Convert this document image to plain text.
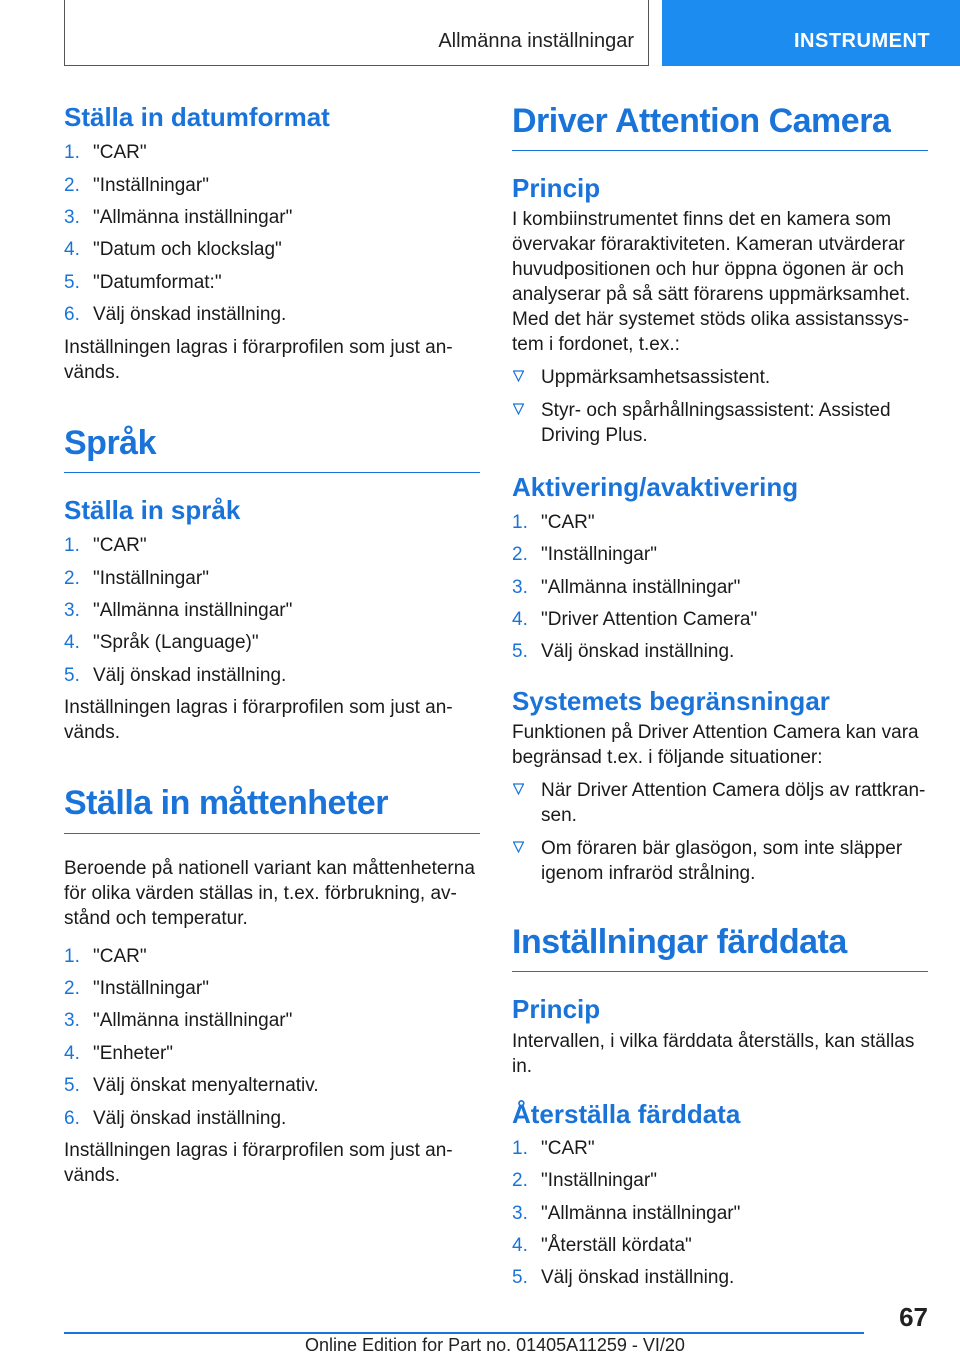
Allmänna inställningar	INSTRUMENT
Ställa in datumformat
1. "CAR"
2. "Inställningar"
3. "Allmänna inställningar"
4. "Datum och klockslag"
5. "Datumformat:"
6. Välj önskad inställning.

Inställningen lagras i förarprofilen som just an-
vänds.

Språk
Ställa in språk
1. "CAR"
2. "Inställningar"
3. "Allmänna inställningar"
4. "Språk (Language)"
5. Välj önskad inställning.

Inställningen lagras i förarprofilen som just an-
vänds.

Ställa in måttenheter

Beroende på nationell variant kan måttenheterna
för olika värden ställas in, t.ex. förbrukning, av-
stånd och temperatur.

1. "CAR"
2. "Inställningar"
3. "Allmänna inställningar"
4. "Enheter"
5. Välj önskat menyalternativ.
6. Välj önskad inställning.

Inställningen lagras i förarprofilen som just an-
vänds.

Driver Attention Camera
Princip

I kombiinstrumentet finns det en kamera som
övervakar föraraktiviteten. Kameran utvärderar
huvudpositionen och hur öppna ögonen är och
analyserar på så sätt förarens uppmärksamhet.
Med det här systemet stöds olika assistanssys-
tem i fordonet, t.ex.:

Uppmärksamhetsassistent.
Styr- och spårhållningsassistent: Assisted
Driving Plus.
Aktivering/avaktivering
1. "CAR"
2. "Inställningar"
3. "Allmänna inställningar"
4. "Driver Attention Camera"
5. Välj önskad inställning.
Systemets begränsningar

Funktionen på Driver Attention Camera kan vara
begränsad t.ex. i följande situationer:

När Driver Attention Camera döljs av rattkran-
sen.
Om föraren bär glasögon, som inte släpper
igenom infraröd strålning.
Inställningar färddata
Princip

Intervallen, i vilka färddata återställs, kan ställas in.

Återställa färddata
1. "CAR"
2. "Inställningar"
3. "Allmänna inställningar"
4. "Återställ kördata"
5. Välj önskad inställning.
67
Online Edition for Part no. 01405A11259 - VI/20
